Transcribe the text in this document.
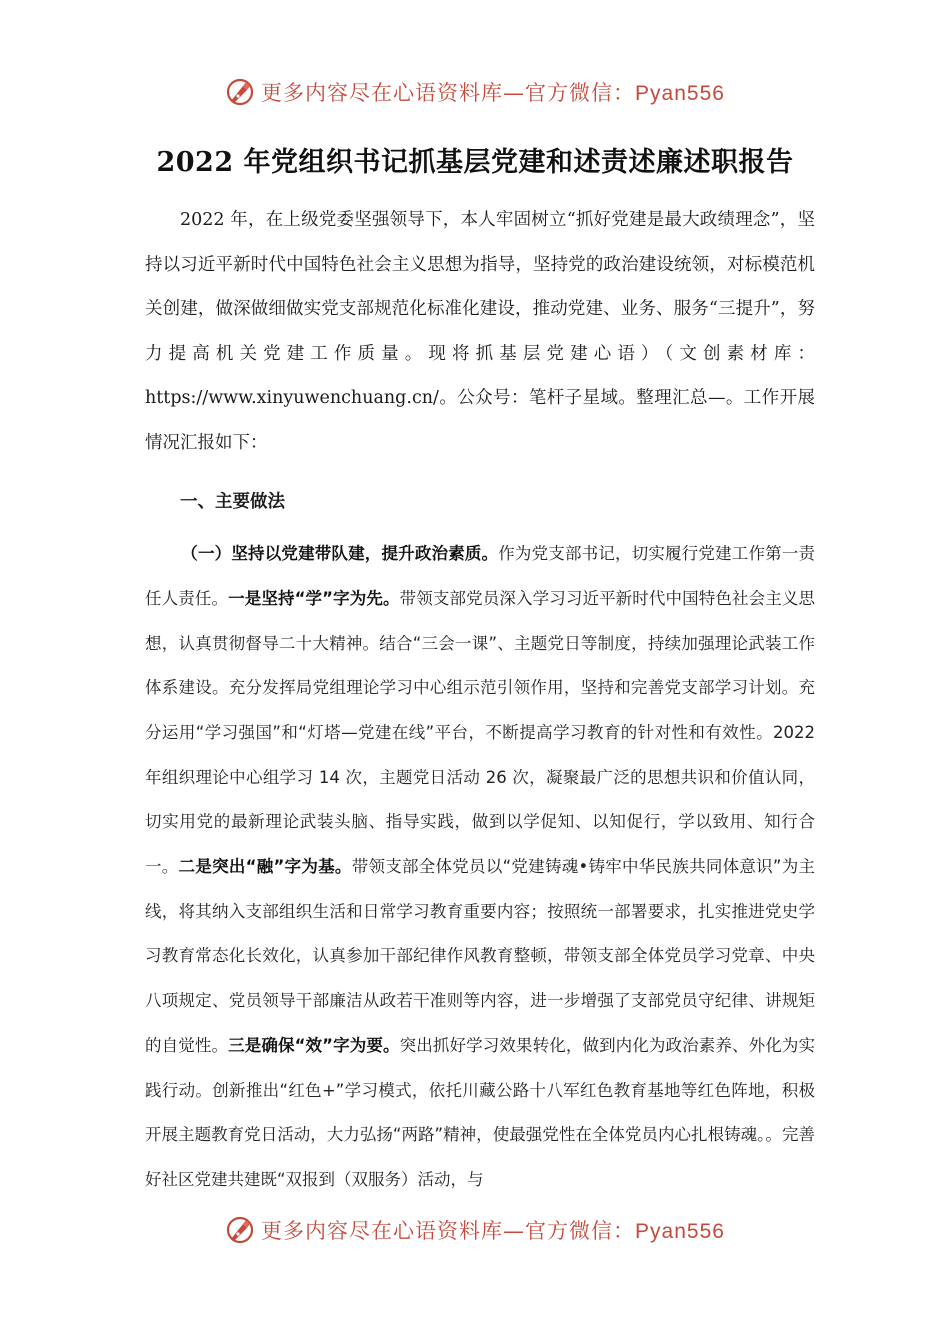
更多内容尽在心语资料库—官方微信：Pyan556
2022 年党组织书记抓基层党建和述责述廉述职报告

2022 年，在上级党委坚强领导下，本人牢固树立“抓好党建是最大政绩理念”，坚持以习近平新时代中国特色社会主义思想为指导，坚持党的政治建设统领，对标模范机关创建，做深做细做实党支部规范化标准化建设，推动党建、业务、服务“三提升”，努力提高机关党建工作质量。现将抓基层党建心语）（文创素材库：https://www.xinyuwenchuang.cn/。公众号：笔杆子星域。整理汇总—。工作开展情况汇报如下：

一、主要做法

（一）坚持以党建带队建，提升政治素质。作为党支部书记，切实履行党建工作第一责任人责任。一是坚持“学”字为先。带领支部党员深入学习习近平新时代中国特色社会主义思想，认真贯彻督导二十大精神。结合“三会一课”、主题党日等制度，持续加强理论武装工作体系建设。充分发挥局党组理论学习中心组示范引领作用，坚持和完善党支部学习计划。充分运用“学习强国”和“灯塔—党建在线”平台，不断提高学习教育的针对性和有效性。2022 年组织理论中心组学习 14 次，主题党日活动 26 次，凝聚最广泛的思想共识和价值认同，切实用党的最新理论武装头脑、指导实践，做到以学促知、以知促行，学以致用、知行合一。二是突出“融”字为基。带领支部全体党员以“党建铸魂•铸牢中华民族共同体意识”为主线，将其纳入支部组织生活和日常学习教育重要内容；按照统一部署要求，扎实推进党史学习教育常态化长效化，认真参加干部纪律作风教育整顿，带领支部全体党员学习党章、中央八项规定、党员领导干部廉洁从政若干准则等内容，进一步增强了支部党员守纪律、讲规矩的自觉性。三是确保“效”字为要。突出抓好学习效果转化，做到内化为政治素养、外化为实践行动。创新推出“红色+”学习模式，依托川藏公路十八军红色教育基地等红色阵地，积极开展主题教育党日活动，大力弘扬“两路”精神，使最强党性在全体党员内心扎根铸魂。。完善好社区党建共建既“双报到（双服务）活动，与

更多内容尽在心语资料库—官方微信：Pyan556
